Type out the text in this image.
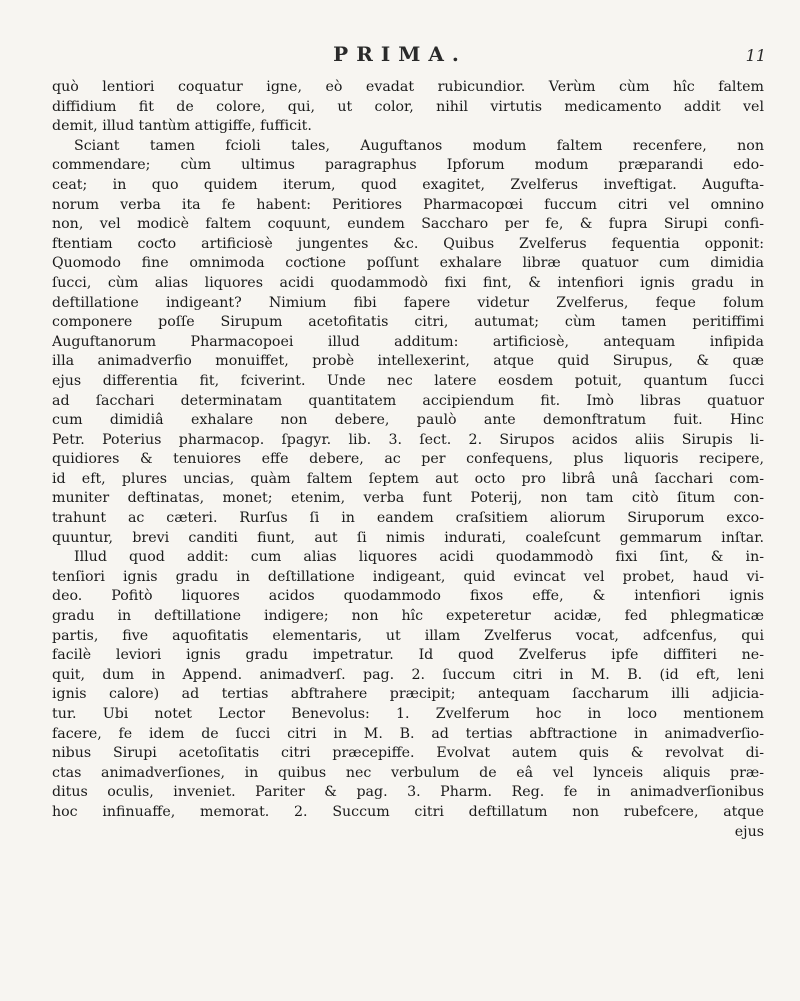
PRIMA.	11
quò lentiori coquatur igne, eò evadat rubicundior. Verùm cùm hîc faltem
diffidium fit de colore, qui, ut color, nihil virtutis medicamento addit vel
demit, illud tantùm attigiffe, fufficit.
Sciant tamen fcioli tales, Auguftanos modum faltem recenfere, non
commendare; cùm ultimus paragraphus Ipforum modum præparandi edo-
ceat; in quo quidem iterum, quod exagitet, Zvelferus inveftigat. Augufta-
norum verba ita fe habent: Peritiores Pharmacopœi fuccum citri vel omnino
non, vel modicè faltem coquunt, eundem Saccharo per fe, & fupra Sirupi confi-
ftentiam coƈto artificiosè jungentes &c. Quibus Zvelferus fequentia opponit:
Quomodo fine omnimoda coƈtione poſſunt exhalare libræ quatuor cum dimidia
ſucci, cùm alias liquores acidi quodammodò fixi fint, & intenfiori ignis gradu in
deftillatione indigeant? Nimium fibi fapere videtur Zvelferus, feque folum
componere poſſe Sirupum acetofitatis citri, autumat; cùm tamen peritiffimi
Auguftanorum Pharmacopoei illud additum: artificiosè, antequam infipida
illa animadverfio monuiffet, probè intellexerint, atque quid Sirupus, & quæ
ejus differentia fit, fciverint. Unde nec latere eosdem potuit, quantum ſucci
ad ſacchari determinatam quantitatem accipiendum fit. Imò libras quatuor
cum dimidiâ exhalare non debere, paulò ante demonftratum fuit. Hinc
Petr. Poterius pharmacop. ſpagyr. lib. 3. ſect. 2. Sirupos acidos aliis Sirupis li-
quidiores & tenuiores effe debere, ac per confequens, plus liquoris recipere,
id eft, plures uncias, quàm faltem ſeptem aut octo pro librâ unâ ſacchari com-
muniter deftinatas, monet; etenim, verba funt Poterij, non tam citò ſitum con-
trahunt ac cæteri. Rurſus ſi in eandem craſsitiem aliorum Siruporum exco-
quuntur, brevi canditi fiunt, aut ſi nimis indurati, coaleſcunt gemmarum inſtar.
Illud quod addit: cum alias liquores acidi quodammodò fixi ſint, & in-
tenſiori ignis gradu in deſtillatione indigeant, quid evincat vel probet, haud vi-
deo. Pofitò liquores acidos quodammodo fixos effe, & intenfiori ignis
gradu in deftillatione indigere; non hîc expeteretur acidæ, fed phlegmaticæ
partis, five aquofitatis elementaris, ut illam Zvelferus vocat, adfcenfus, qui
facilè leviori ignis gradu impetratur. Id quod Zvelferus ipfe diffiteri ne-
quit, dum in Append. animadverſ. pag. 2. ſuccum citri in M. B. (id eft, leni
ignis calore) ad tertias abftrahere præcipit; antequam ſaccharum illi adjicia-
tur. Ubi notet Lector Benevolus: 1. Zvelferum hoc in loco mentionem
facere, fe idem de ſucci citri in M. B. ad tertias abftractione in animadverſio-
nibus Sirupi acetoſitatis citri præcepiffe. Evolvat autem quis & revolvat di-
ctas animadverſiones, in quibus nec verbulum de eâ vel lynceis aliquis præ-
ditus oculis, inveniet. Pariter & pag. 3. Pharm. Reg. fe in animadverſionibus
hoc infinuaffe, memorat. 2. Succum citri deftillatum non rubefcere, atque
ejus
